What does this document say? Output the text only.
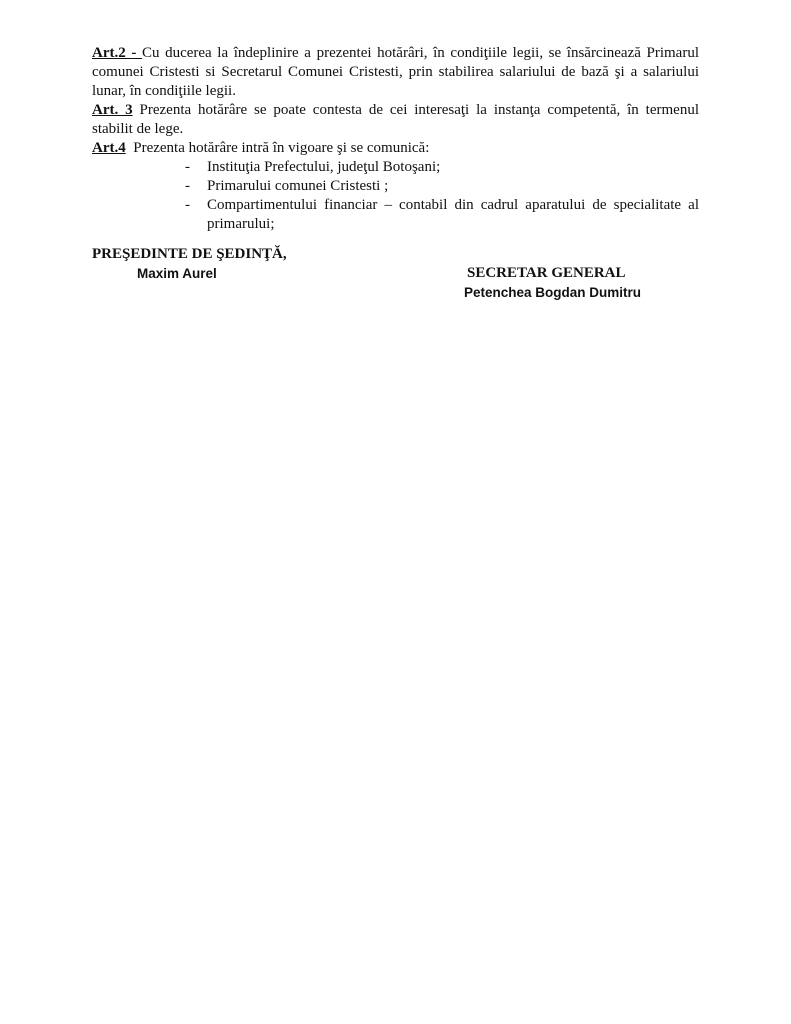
Art.2 - Cu ducerea la îndeplinire a prezentei hotărâri, în condiţiile legii, se însărcinează Primarul comunei Cristesti si Secretarul Comunei Cristesti, prin stabilirea salariului de bază şi a salariului lunar, în condiţiile legii.

Art. 3 Prezenta hotărâre se poate contesta de cei interesaţi la instanţa competentă, în termenul stabilit de lege.

Art.4 Prezenta hotărâre intră în vigoare şi se comunică:

- Instituţia Prefectului, judeţul Botoşani;
- Primarului comunei Cristesti ;
- Compartimentului financiar – contabil din cadrul aparatului de specialitate al primarului;
PREŞEDINTE DE ŞEDINŢĂ,
Maxim Aurel	SECRETAR GENERAL
Petenchea Bogdan Dumitru
